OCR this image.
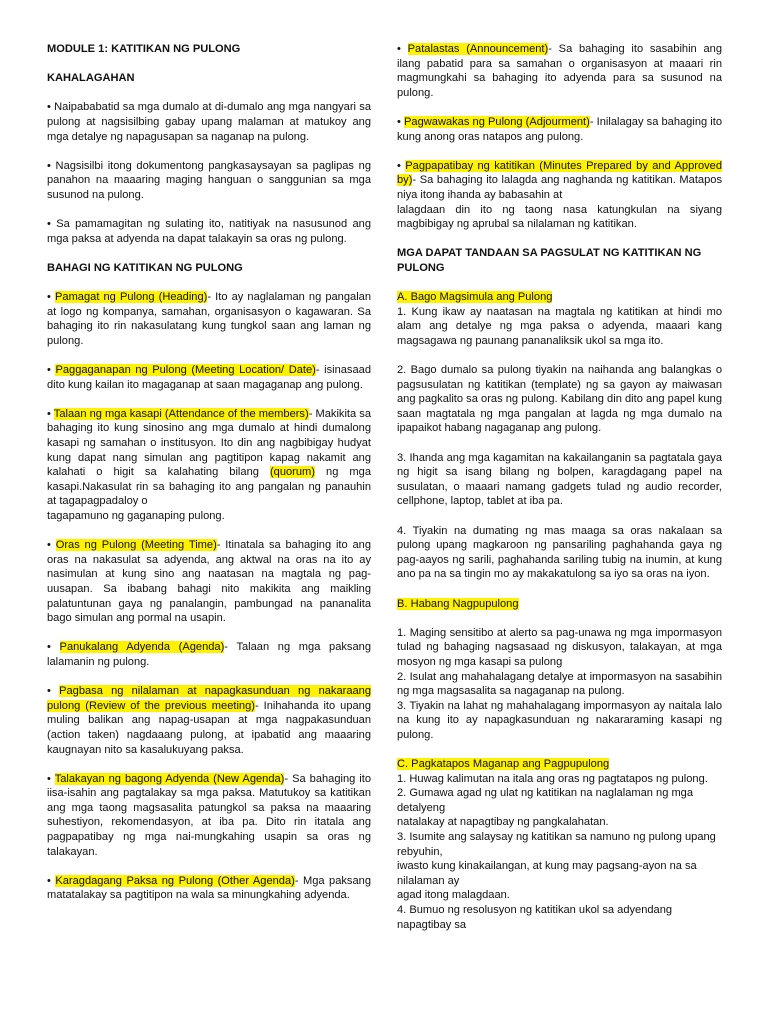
MODULE 1: KATITIKAN NG PULONG

KAHALAGAHAN

• Naipababatid sa mga dumalo at di-dumalo ang mga nangyari sa pulong at nagsisilbing gabay upang malaman at matukoy ang mga detalye ng napagusapan sa naganap na pulong.

• Nagsisilbi itong dokumentong pangkasaysayan sa paglipas ng panahon na maaaring maging hanguan o sanggunian sa mga susunod na pulong.

• Sa pamamagitan ng sulating ito, natitiyak na nasusunod ang mga paksa at adyenda na dapat talakayin sa oras ng pulong.

BAHAGI NG KATITIKAN NG PULONG

• Pamagat ng Pulong (Heading)- Ito ay naglalaman ng pangalan at logo ng kompanya, samahan, organisasyon o kagawaran. Sa bahaging ito rin nakasulatang kung tungkol saan ang laman ng pulong.

• Paggaganapan ng Pulong (Meeting Location/ Date)- isinasaad dito kung kailan ito magaganap at saan magaganap ang pulong.

• Talaan ng mga kasapi (Attendance of the members)- Makikita sa bahaging ito kung sinosino ang mga dumalo at hindi dumalong kasapi ng samahan o institusyon. Ito din ang nagbibigay hudyat kung dapat nang simulan ang pagtitipon kapag nakamit ang kalahati o higit sa kalahating bilang (quorum) ng mga kasapi.Nakasulat rin sa bahaging ito ang pangalan ng panauhin at tagapagpadaloy o

tagapamuno ng gaganaping pulong.

• Oras ng Pulong (Meeting Time)- Itinatala sa bahaging ito ang oras na nakasulat sa adyenda, ang aktwal na oras na ito ay nasimulan at kung sino ang naatasan na magtala ng pag-uusapan. Sa ibabang bahagi nito makikita ang maikling palatuntunan gaya ng panalangin, pambungad na pananalita bago simulan ang pormal na usapin.

• Panukalang Adyenda (Agenda)- Talaan ng mga paksang lalamanin ng pulong.

• Pagbasa ng nilalaman at napagkasunduan ng nakaraang pulong (Review of the previous meeting)- Inihahanda ito upang muling balikan ang napag-usapan at mga nagpakasunduan (action taken) nagdaaang pulong, at ipabatid ang maaaring kaugnayan nito sa kasalukuyang paksa.

• Talakayan ng bagong Adyenda (New Agenda)- Sa bahaging ito iisa-isahin ang pagtalakay sa mga paksa. Matutukoy sa katitikan ang mga taong magsasalita patungkol sa paksa na maaaring suhestiyon, rekomendasyon, at iba pa. Dito rin itatala ang pagpapatibay ng mga nai-mungkahing usapin sa oras ng talakayan.

• Karagdagang Paksa ng Pulong (Other Agenda)- Mga paksang matatalakay sa pagtitipon na wala sa minungkahing adyenda.

• Patalastas (Announcement)- Sa bahaging ito sasabihin ang ilang pabatid para sa samahan o organisasyon at maaari rin magmungkahi sa bahaging ito adyenda para sa susunod na pulong.

• Pagwawakas ng Pulong (Adjourment)- Inilalagay sa bahaging ito kung anong oras natapos ang pulong.

• Pagpapatibay ng katitikan (Minutes Prepared by and Approved by)- Sa bahaging ito lalagda ang naghanda ng katitikan. Matapos niya itong ihanda ay babasahin at

lalagdaan din ito ng taong nasa katungkulan na siyang magbibigay ng aprubal sa nilalaman ng katitikan.

MGA DAPAT TANDAAN SA PAGSULAT NG KATITIKAN NG PULONG

A. Bago Magsimula ang Pulong

1. Kung ikaw ay naatasan na magtala ng katitikan at hindi mo alam ang detalye ng mga paksa o adyenda, maaari kang magsagawa ng paunang pananaliksik ukol sa mga ito.

2. Bago dumalo sa pulong tiyakin na naihanda ang balangkas o pagsusulatan ng katitikan (template) ng sa gayon ay maiwasan ang pagkalito sa oras ng pulong. Kabilang din dito ang papel kung saan magtatala ng mga pangalan at lagda ng mga dumalo na ipapaikot habang nagaganap ang pulong.

3. Ihanda ang mga kagamitan na kakailanganin sa pagtatala gaya ng higit sa isang bilang ng bolpen, karagdagang papel na susulatan, o maaari namang gadgets tulad ng audio recorder, cellphone, laptop, tablet at iba pa.

4. Tiyakin na dumating ng mas maaga sa oras nakalaan sa pulong upang magkaroon ng pansariling paghahanda gaya ng pag-aayos ng sarili, paghahanda sariling tubig na inumin, at kung ano pa na sa tingin mo ay makakatulong sa iyo sa oras na iyon.

B. Habang Nagpupulong

1. Maging sensitibo at alerto sa pag-unawa ng mga impormasyon tulad ng bahaging nagsasaad ng diskusyon, talakayan, at mga mosyon ng mga kasapi sa pulong

2. Isulat ang mahahalagang detalye at impormasyon na sasabihin ng mga magsasalita sa nagaganap na pulong.

3. Tiyakin na lahat ng mahahalagang impormasyon ay naitala lalo na kung ito ay napagkasunduan ng nakararaming kasapi ng pulong.

C. Pagkatapos Maganap ang Pagpupulong

1. Huwag kalimutan na itala ang oras ng pagtatapos ng pulong.

2. Gumawa agad ng ulat ng katitikan na naglalaman ng mga detalyeng

natalakay at napagtibay ng pangkalahatan.

3. Isumite ang salaysay ng katitikan sa namuno ng pulong upang rebyuhin,

iwasto kung kinakailangan, at kung may pagsang-ayon na sa nilalaman ay

agad itong malagdaan.

4. Bumuo ng resolusyon ng katitikan ukol sa adyendang napagtibay sa
